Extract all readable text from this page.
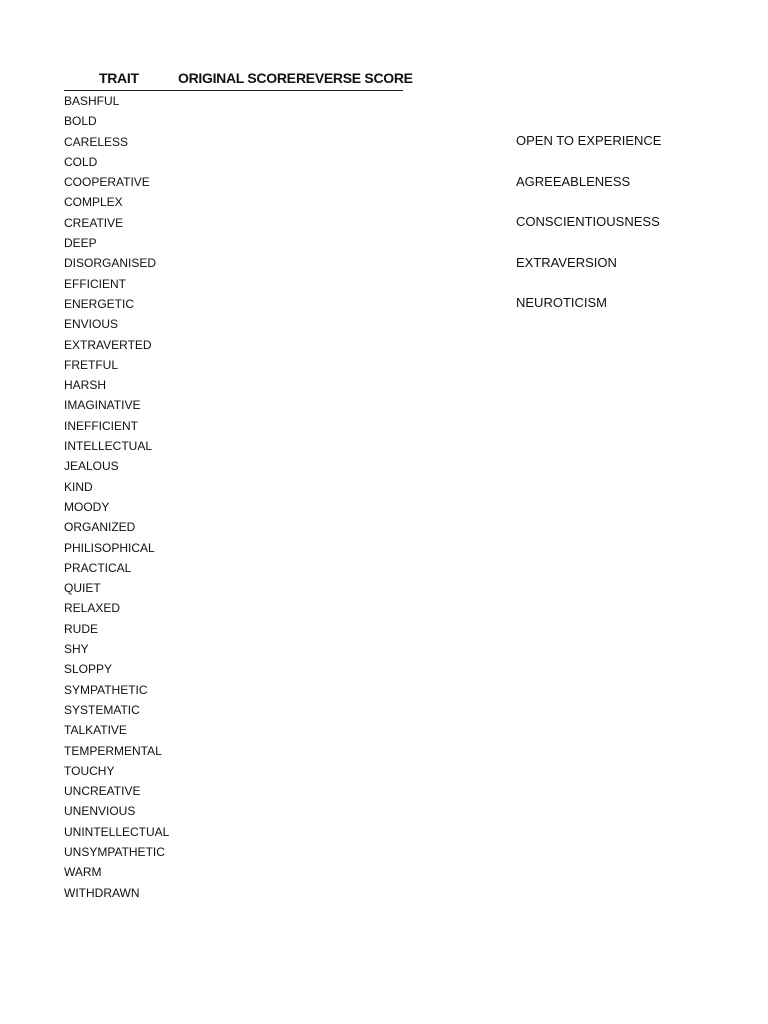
TRAIT	ORIGINAL SCORE REVERSE SCORE
BASHFUL
BOLD
CARELESS
COLD
COOPERATIVE
COMPLEX
CREATIVE
DEEP
DISORGANISED
EFFICIENT
ENERGETIC
ENVIOUS
EXTRAVERTED
FRETFUL
HARSH
IMAGINATIVE
INEFFICIENT
INTELLECTUAL
JEALOUS
KIND
MOODY
ORGANIZED
PHILISOPHICAL
PRACTICAL
QUIET
RELAXED
RUDE
SHY
SLOPPY
SYMPATHETIC
SYSTEMATIC
TALKATIVE
TEMPERMENTAL
TOUCHY
UNCREATIVE
UNENVIOUS
UNINTELLECTUAL
UNSYMPATHETIC
WARM
WITHDRAWN
OPEN TO EXPERIENCE
AGREEABLENESS
CONSCIENTIOUSNESS
EXTRAVERSION
NEUROTICISM
